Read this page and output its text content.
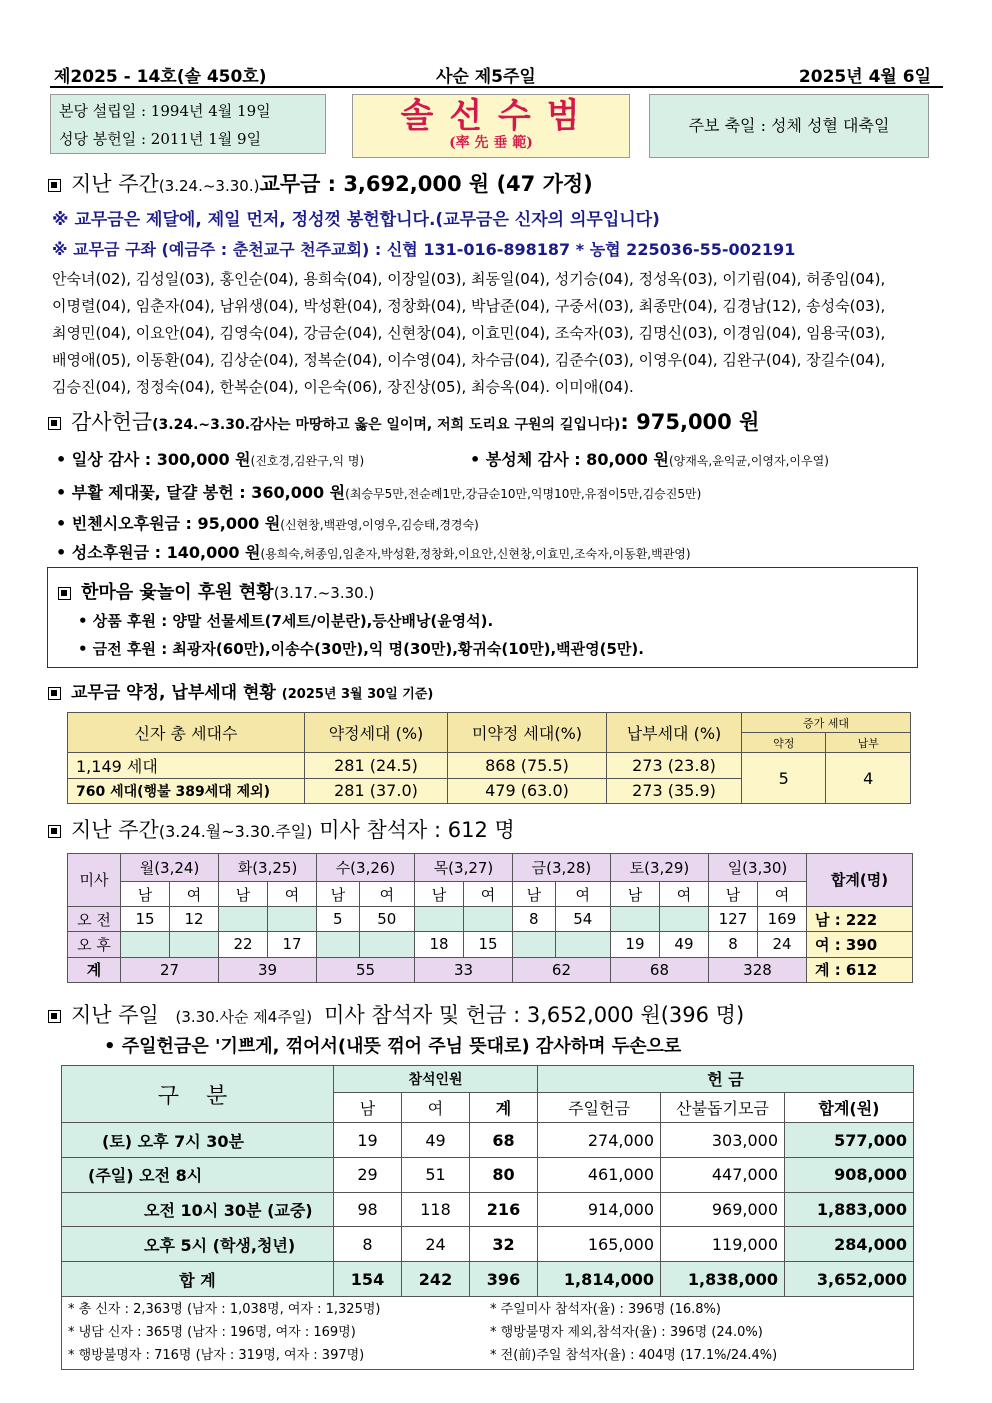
제2025 - 14호(솔 450호)	사순 제5주일	2025년 4월 6일
본당 설립일 : 1994년 4월 19일
성당 봉헌일 : 2011년 1월 9일
솔 선 수 범
(率 先 垂 範)
주보 축일 : 성체 성혈 대축일
지난 주간(3.24.~3.30.)교무금 : 3,692,000 원 (47 가정)
※ 교무금은 제달에, 제일 먼저, 정성껏 봉헌합니다.(교무금은 신자의 의무입니다)
※ 교무금 구좌 (예금주 : 춘천교구 천주교회) : 신협 131-016-898187 * 농협 225036-55-002191
안숙녀(02), 김성일(03), 홍인순(04), 용희숙(04), 이장일(03), 최동일(04), 성기승(04), 정성옥(03), 이기림(04), 허종임(04),
이명렬(04), 임춘자(04), 남위생(04), 박성환(04), 정창화(04), 박남준(04), 구중서(03), 최종만(04), 김경남(12), 송성숙(03),
최영민(04), 이요안(04), 김영숙(04), 강금순(04), 신현창(04), 이효민(04), 조숙자(03), 김명신(03), 이경임(04), 임용국(03),
배영애(05), 이동환(04), 김상순(04), 정복순(04), 이수영(04), 차수금(04), 김준수(03), 이영우(04), 김완구(04), 장길수(04),
김승진(04), 정정숙(04), 한복순(04), 이은숙(06), 장진상(05), 최승옥(04). 이미애(04).
감사헌금(3.24.~3.30.감사는 마땅하고 옳은 일이며, 저희 도리요 구원의 길입니다): 975,000 원
• 일상 감사 : 300,000 원(진호경,김완구,익 명)	• 봉성체 감사 : 80,000 원(양재옥,윤익균,이영자,이우열)
• 부활 제대꽃, 달걀 봉헌 : 360,000 원(최승무5만,전순례1만,강금순10만,익명10만,유점이5만,김승진5만)
• 빈첸시오후원금 : 95,000 원(신현창,백관영,이영우,김승태,경경숙)
• 성소후원금 : 140,000 원(용희숙,허종임,임춘자,박성환,정창화,이요안,신현창,이효민,조숙자,이동환,백관영)
한마음 윷놀이 후원 현황(3.17.~3.30.)
• 상품 후원 : 양말 선물세트(7세트/이분란),등산배낭(윤영석).
• 금전 후원 : 최광자(60만),이송수(30만),익 명(30만),황귀숙(10만),백관영(5만).
교무금 약정, 납부세대 현황 (2025년 3월 30일 기준)
신자 총 세대수	약정세대 (%)	미약정 세대(%)	납부세대 (%)	증가 세대	
				약정	납부
1,149 세대	281 (24.5)	868 (75.5)	273 (23.8)	5	4
760 세대(행불 389세대 제외)	281 (37.0)	479 (63.0)	273 (35.9)		
지난 주간(3.24.월~3.30.주일) 미사 참석자 : 612 명
미사	월(3,24)		화(3,25)		수(3,26)		목(3,27)		금(3,28)		토(3,29)		일(3,30)		합계(명)
	남	여	남	여	남	여	남	여	남	여	남	여	남	여	
오 전	15	12			5	50			8	54			127	169	남 : 222
오 후			22	17			18	15			19	49	8	24	여 : 390
계	27		39		55		33		62		68		328		계 : 612
지난 주일 (3.30.사순 제4주일) 미사 참석자 및 헌금 : 3,652,000 원(396 명)
• 주일헌금은 '기쁘게, 꺾어서(내뜻 꺾어 주님 뜻대로) 감사하며 두손으로
구 분	참석인원			헌 금		
	남	여	계	주일헌금	산불돕기모금	합계(원)
(토) 오후 7시 30분	19	49	68	274,000	303,000	577,000
(주일) 오전 8시	29	51	80	461,000	447,000	908,000
오전 10시 30분 (교중)	98	118	216	914,000	969,000	1,883,000
오후 5시 (학생,청년)	8	24	32	165,000	119,000	284,000
합 계	154	242	396	1,814,000	1,838,000	3,652,000
* 총 신자 : 2,363명 (남자 : 1,038명, 여자 : 1,325명)	* 주일미사 참석자(율) : 396명 (16.8%)
* 냉담 신자 : 365명 (남자 : 196명, 여자 : 169명)	* 행방불명자 제외,참석자(율) : 396명 (24.0%)
* 행방불명자 : 716명 (남자 : 319명, 여자 : 397명)	* 전(前)주일 참석자(율) : 404명 (17.1%/24.4%)
